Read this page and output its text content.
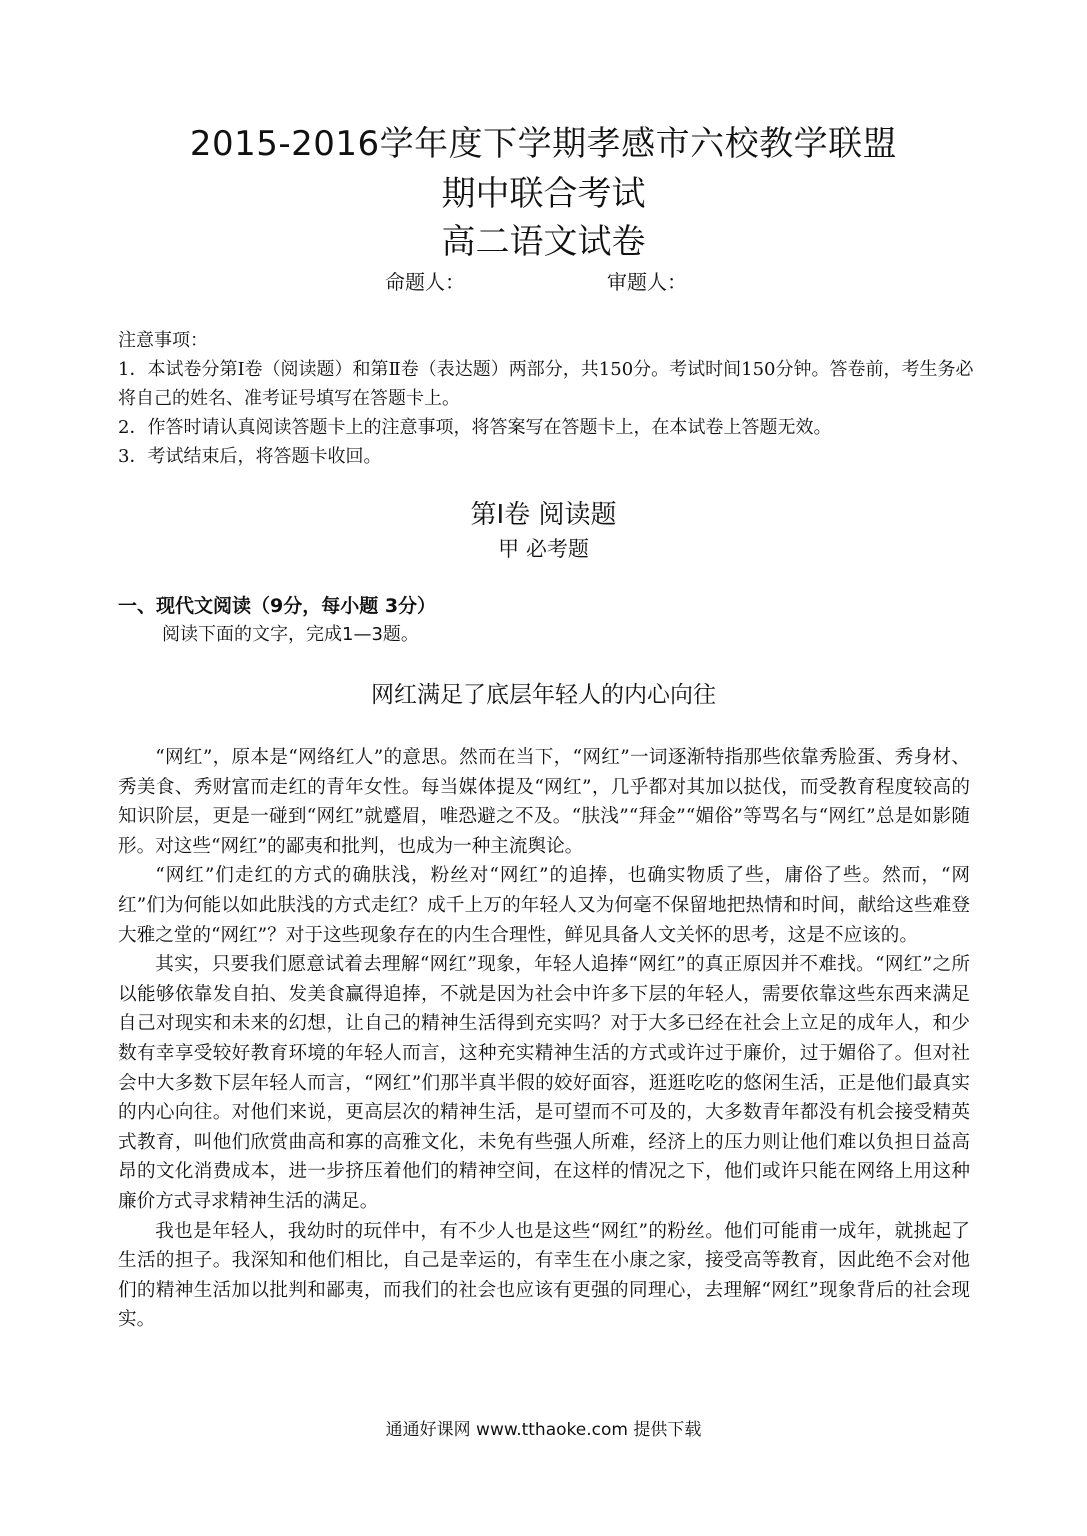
2015-2016学年度下学期孝感市六校教学联盟
期中联合考试
高二语文试卷
命题人：	审题人：

注意事项：

1．本试卷分第Ⅰ卷（阅读题）和第Ⅱ卷（表达题）两部分，共150分。考试时间150分钟。答卷前，考生务必将自己的姓名、准考证号填写在答题卡上。

2．作答时请认真阅读答题卡上的注意事项，将答案写在答题卡上，在本试卷上答题无效。

3．考试结束后，将答题卡收回。

第Ⅰ卷 阅读题
甲 必考题
一、现代文阅读（9分，每小题 3分）
阅读下面的文字，完成1—3题。
网红满足了底层年轻人的内心向往

“网红”，原本是“网络红人”的意思。然而在当下，“网红”一词逐渐特指那些依靠秀脸蛋、秀身材、秀美食、秀财富而走红的青年女性。每当媒体提及“网红”，几乎都对其加以挞伐，而受教育程度较高的知识阶层，更是一碰到“网红”就蹙眉，唯恐避之不及。“肤浅”“拜金”“媚俗”等骂名与“网红”总是如影随形。对这些“网红”的鄙夷和批判，也成为一种主流舆论。

“网红”们走红的方式的确肤浅，粉丝对“网红”的追捧，也确实物质了些，庸俗了些。然而，“网红”们为何能以如此肤浅的方式走红？成千上万的年轻人又为何毫不保留地把热情和时间，献给这些难登大雅之堂的“网红”？对于这些现象存在的内生合理性，鲜见具备人文关怀的思考，这是不应该的。

其实，只要我们愿意试着去理解“网红”现象，年轻人追捧“网红”的真正原因并不难找。“网红”之所以能够依靠发自拍、发美食赢得追捧，不就是因为社会中许多下层的年轻人，需要依靠这些东西来满足自己对现实和未来的幻想，让自己的精神生活得到充实吗？对于大多已经在社会上立足的成年人，和少数有幸享受较好教育环境的年轻人而言，这种充实精神生活的方式或许过于廉价，过于媚俗了。但对社会中大多数下层年轻人而言，“网红”们那半真半假的姣好面容，逛逛吃吃的悠闲生活，正是他们最真实的内心向往。对他们来说，更高层次的精神生活，是可望而不可及的，大多数青年都没有机会接受精英式教育，叫他们欣赏曲高和寡的高雅文化，未免有些强人所难，经济上的压力则让他们难以负担日益高昂的文化消费成本，进一步挤压着他们的精神空间，在这样的情况之下，他们或许只能在网络上用这种廉价方式寻求精神生活的满足。

我也是年轻人，我幼时的玩伴中，有不少人也是这些“网红”的粉丝。他们可能甫一成年，就挑起了生活的担子。我深知和他们相比，自己是幸运的，有幸生在小康之家，接受高等教育，因此绝不会对他们的精神生活加以批判和鄙夷，而我们的社会也应该有更强的同理心，去理解“网红”现象背后的社会现实。

通通好课网 www.tthaoke.com 提供下载
